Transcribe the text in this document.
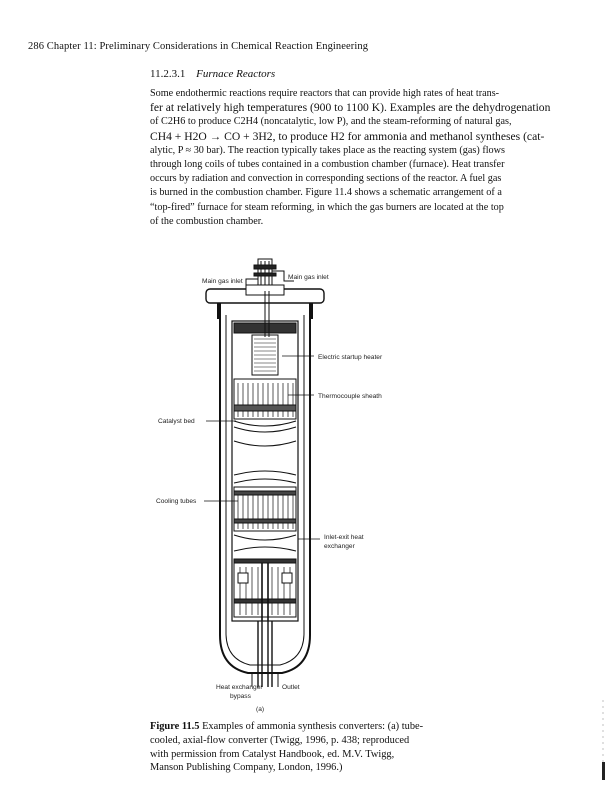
286 Chapter 11: Preliminary Considerations in Chemical Reaction Engineering
11.2.3.1 Furnace Reactors

Some endothermic reactions require reactors that can provide high rates of heat trans-

fer at relatively high temperatures (900 to 1100 K). Examples are the dehydrogenation

of C2H6 to produce C2H4 (noncatalytic, low P), and the steam-reforming of natural gas,

CH4 + H2O → CO + 3H2, to produce H2 for ammonia and methanol syntheses (cat-

alytic, P ≈ 30 bar). The reaction typically takes place as the reacting system (gas) flows

through long coils of tubes contained in a combustion chamber (furnace). Heat transfer

occurs by radiation and convection in corresponding sections of the reactor. A fuel gas

is burned in the combustion chamber. Figure 11.4 shows a schematic arrangement of a

“top-fired” furnace for steam reforming, in which the gas burners are located at the top

of the combustion chamber.

Main gas inlet
Main gas inlet
Electric startup heater
Thermocouple sheath
Catalyst bed
Cooling tubes
Inlet-exit heat
exchanger
Heat exchanger
bypass
Outlet
(a)
Figure 11.5 Examples of ammonia synthesis converters: (a) tube-cooled, axial-flow converter (Twigg, 1996, p. 438; reproduced with permission from Catalyst Handbook, ed. M.V. Twigg, Manson Publishing Company, London, 1996.)
